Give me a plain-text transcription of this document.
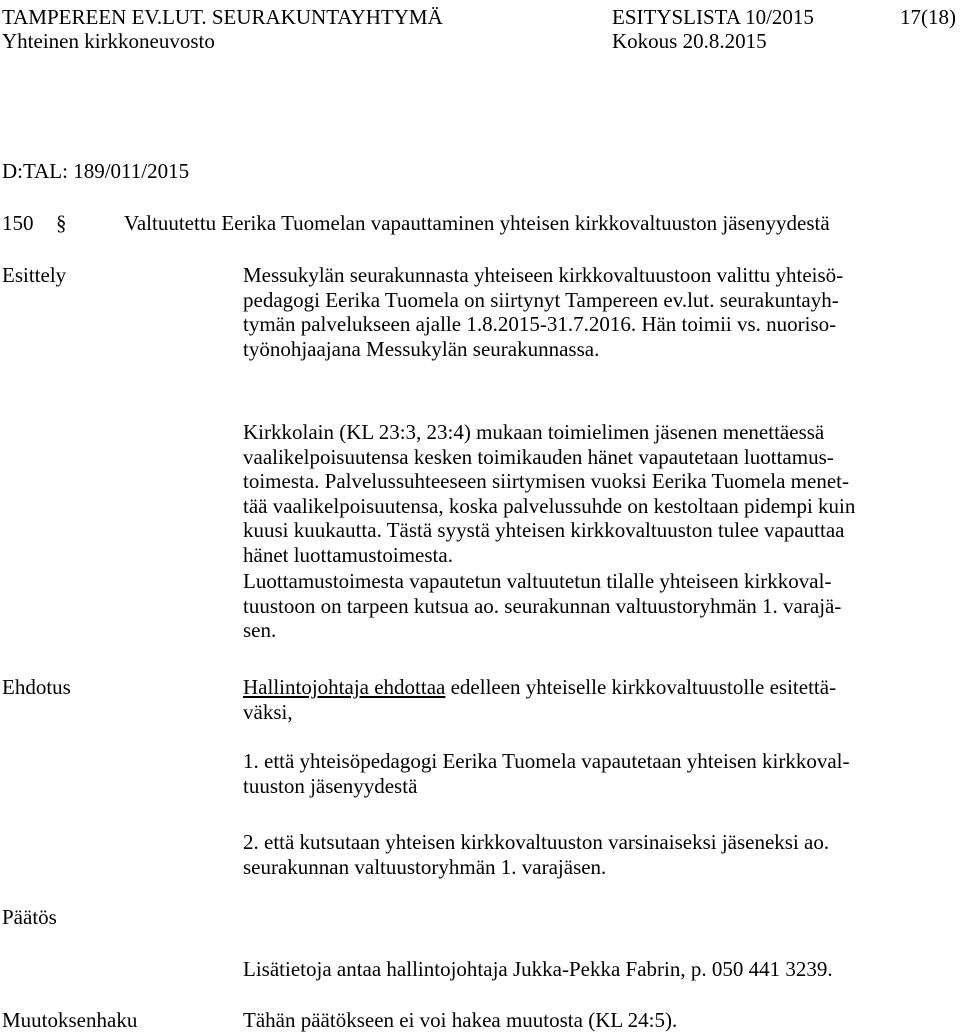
TAMPEREEN EV.LUT. SEURAKUNTAYHTYMÄ
Yhteinen kirkkoneuvosto
ESITYSLISTA 10/2015
Kokous 20.8.2015
17(18)
D:TAL: 189/011/2015
150 §	Valtuutettu Eerika Tuomelan vapauttaminen yhteisen kirkkovaltuuston jäsenyydestä
Esittely
Ehdotus
Päätös
Muutoksenhaku
Messukylän seurakunnasta yhteiseen kirkkovaltuustoon valittu yhteisö-
pedagogi Eerika Tuomela on siirtynyt Tampereen ev.lut. seurakuntayh-
tymän palvelukseen ajalle 1.8.2015-31.7.2016. Hän toimii vs. nuoriso-
työnohjaajana Messukylän seurakunnassa.
Kirkkolain (KL 23:3, 23:4) mukaan toimielimen jäsenen menettäessä
vaalikelpoisuutensa kesken toimikauden hänet vapautetaan luottamus-
toimesta. Palvelussuhteeseen siirtymisen vuoksi Eerika Tuomela menet-
tää vaalikelpoisuutensa, koska palvelussuhde on kestoltaan pidempi kuin
kuusi kuukautta. Tästä syystä yhteisen kirkkovaltuuston tulee vapauttaa
hänet luottamustoimesta.
Luottamustoimesta vapautetun valtuutetun tilalle yhteiseen kirkkoval-
tuustoon on tarpeen kutsua ao. seurakunnan valtuustoryhmän 1. varajä-
sen.
Hallintojohtaja ehdottaa edelleen yhteiselle kirkkovaltuustolle esitettä-
väksi,
1. että yhteisöpedagogi Eerika Tuomela vapautetaan yhteisen kirkkoval-
tuuston jäsenyydestä
2. että kutsutaan yhteisen kirkkovaltuuston varsinaiseksi jäseneksi ao.
seurakunnan valtuustoryhmän 1. varajäsen.
Lisätietoja antaa hallintojohtaja Jukka-Pekka Fabrin, p. 050 441 3239.
Tähän päätökseen ei voi hakea muutosta (KL 24:5).
